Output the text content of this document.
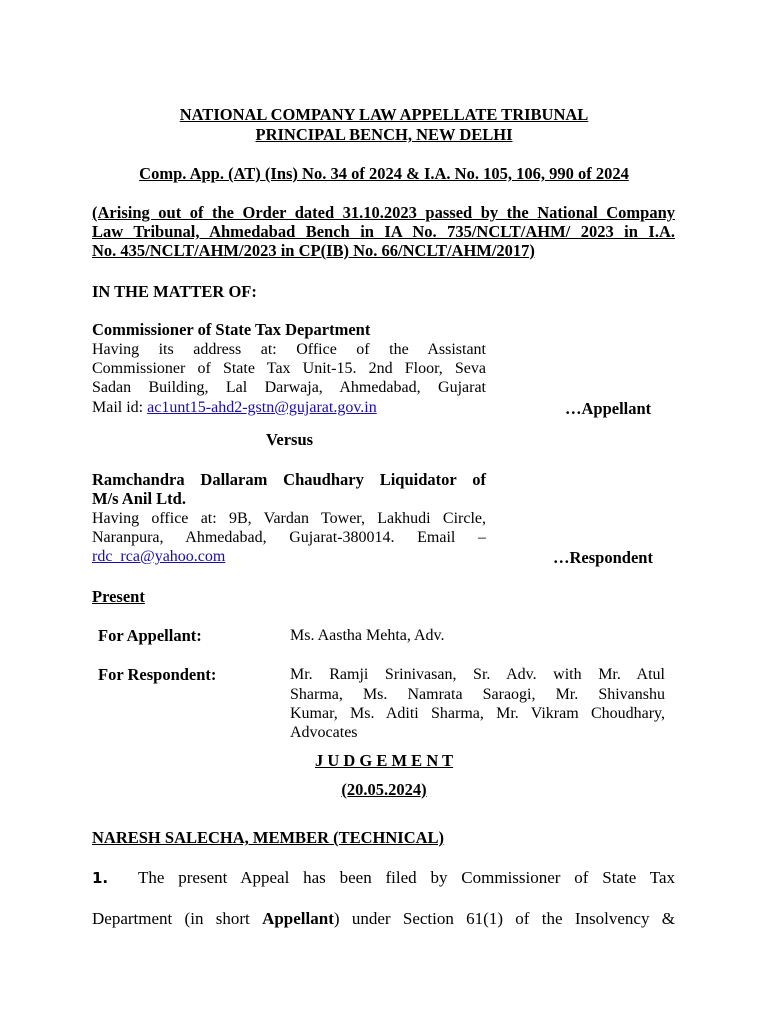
NATIONAL COMPANY LAW APPELLATE TRIBUNAL
PRINCIPAL BENCH, NEW DELHI
Comp. App. (AT) (Ins) No. 34 of 2024 & I.A. No. 105, 106, 990 of 2024
(Arising out of the Order dated 31.10.2023 passed by the National Company
Law Tribunal, Ahmedabad Bench in IA No. 735/NCLT/AHM/ 2023 in I.A.
No. 435/NCLT/AHM/2023 in CP(IB) No. 66/NCLT/AHM/2017)
IN THE MATTER OF:
Commissioner of State Tax Department
Having its address at: Office of the Assistant
Commissioner of State Tax Unit-15. 2nd Floor, Seva
Sadan Building, Lal Darwaja, Ahmedabad, Gujarat
Mail id: ac1unt15-ahd2-gstn@gujarat.gov.in	…Appellant
Versus
Ramchandra Dallaram Chaudhary Liquidator of
M/s Anil Ltd.
Having office at: 9B, Vardan Tower, Lakhudi Circle,
Naranpura, Ahmedabad, Gujarat-380014. Email –
rdc_rca@yahoo.com	…Respondent
Present
For Appellant:	Ms. Aastha Mehta, Adv.
For Respondent:	Mr. Ramji Srinivasan, Sr. Adv. with Mr. Atul
Sharma, Ms. Namrata Saraogi, Mr. Shivanshu
Kumar, Ms. Aditi Sharma, Mr. Vikram Choudhary,
Advocates
J U D G E M E N T
(20.05.2024)
NARESH SALECHA, MEMBER (TECHNICAL)
1. The present Appeal has been filed by Commissioner of State Tax
Department (in short Appellant) under Section 61(1) of the Insolvency &
